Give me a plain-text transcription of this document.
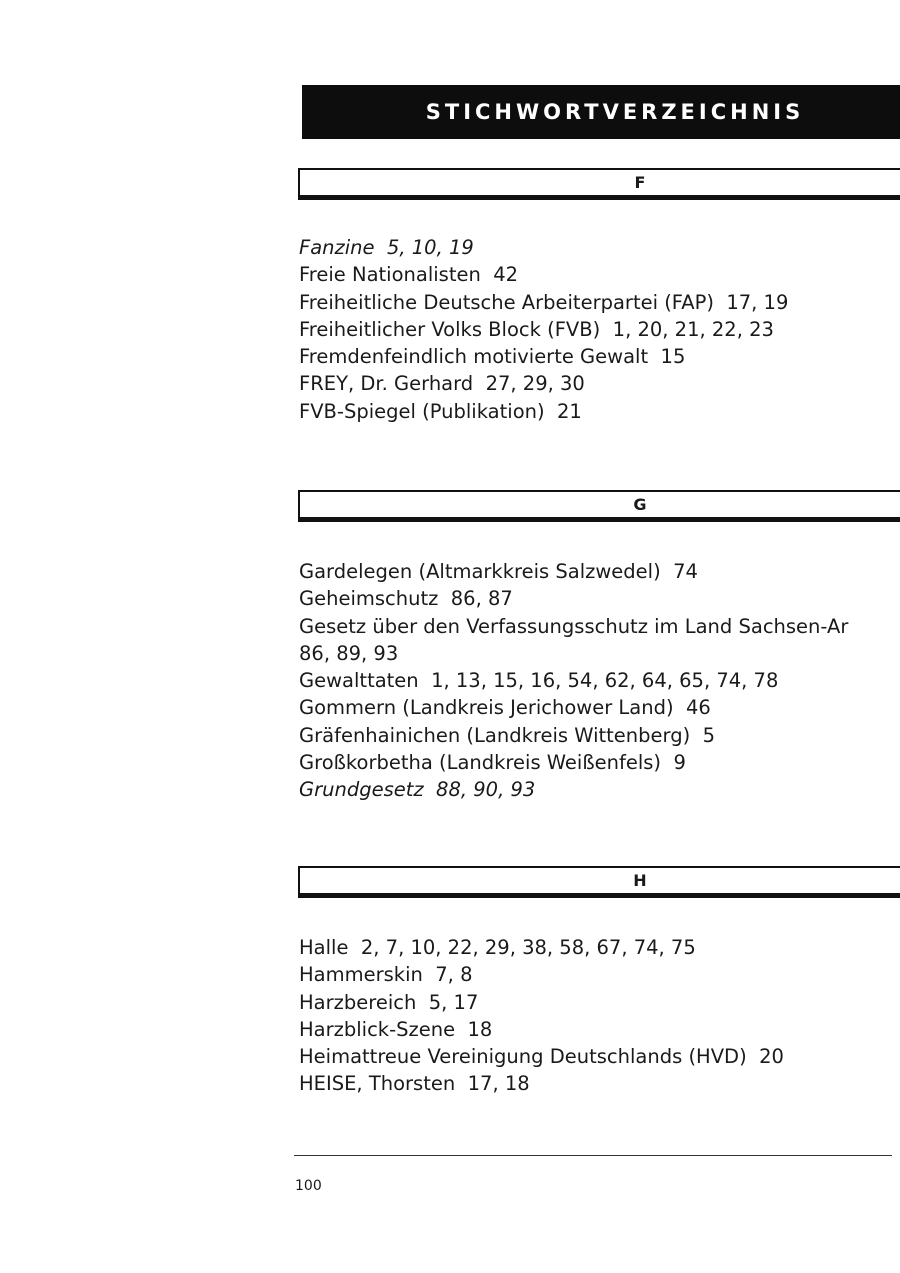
STICHWORTVERZEICHNIS
F
Fanzine 5, 10, 19
Freie Nationalisten 42
Freiheitliche Deutsche Arbeiterpartei (FAP) 17, 19
Freiheitlicher Volks Block (FVB) 1, 20, 21, 22, 23
Fremdenfeindlich motivierte Gewalt 15
FREY, Dr. Gerhard 27, 29, 30
FVB-Spiegel (Publikation) 21
G
Gardelegen (Altmarkkreis Salzwedel) 74
Geheimschutz 86, 87
Gesetz über den Verfassungsschutz im Land Sachsen-Ar
86, 89, 93
Gewalttaten 1, 13, 15, 16, 54, 62, 64, 65, 74, 78
Gommern (Landkreis Jerichower Land) 46
Gräfenhainichen (Landkreis Wittenberg) 5
Großkorbetha (Landkreis Weißenfels) 9
Grundgesetz 88, 90, 93
H
Halle 2, 7, 10, 22, 29, 38, 58, 67, 74, 75
Hammerskin 7, 8
Harzbereich 5, 17
Harzblick-Szene 18
Heimattreue Vereinigung Deutschlands (HVD) 20
HEISE, Thorsten 17, 18
100
